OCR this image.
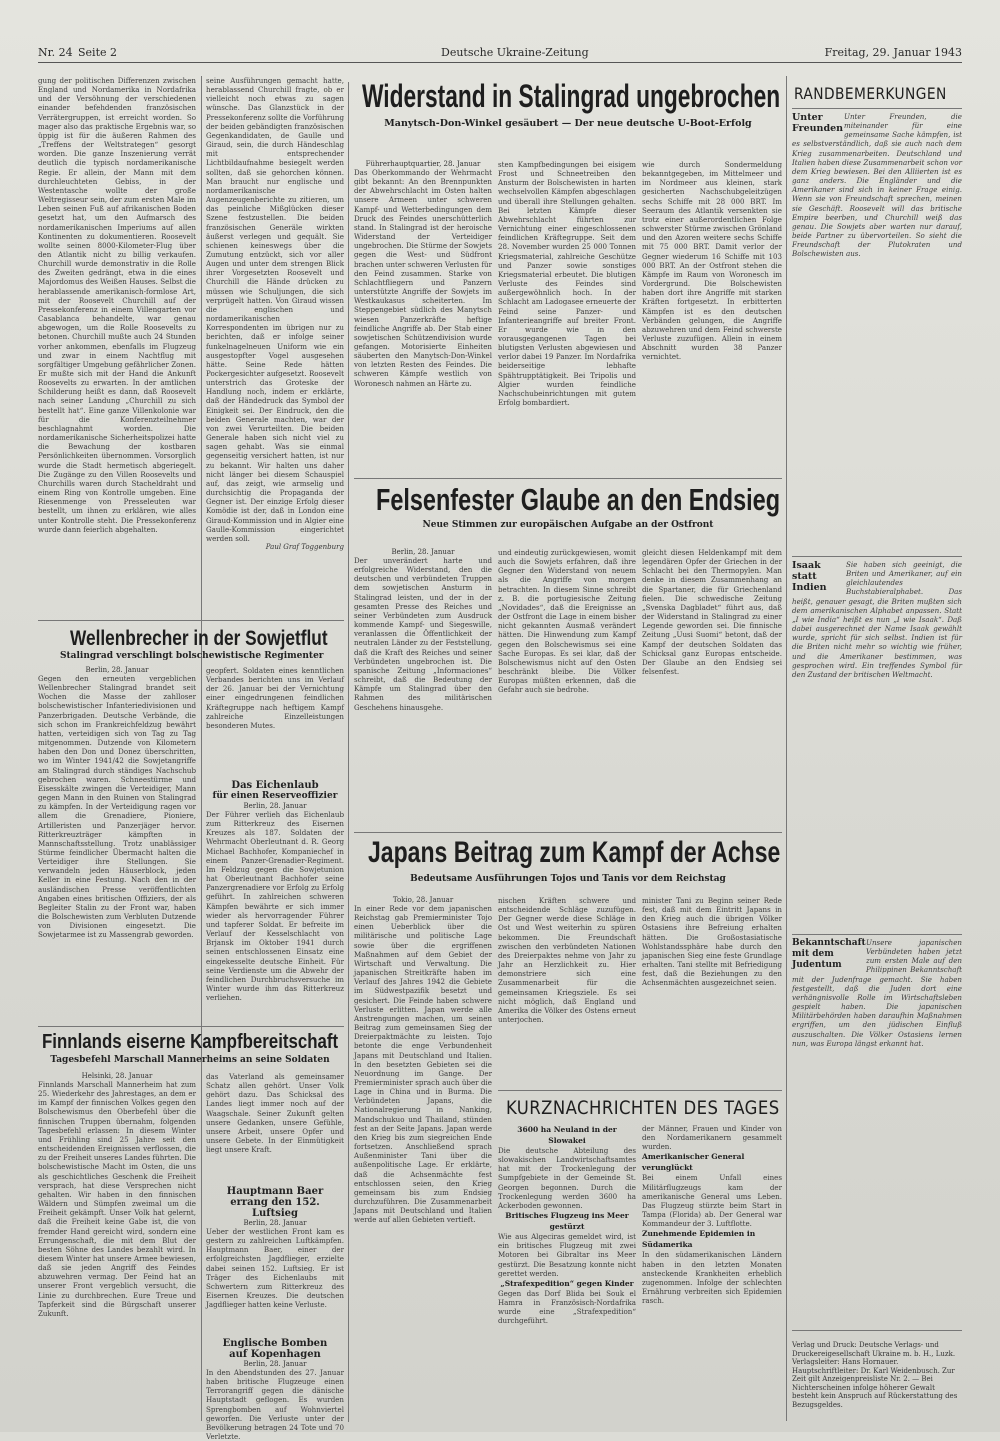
Nr. 24 Seite 2	Deutsche Ukraine-Zeitung	Freitag, 29. Januar 1943

gung der politischen Differenzen zwischen England und Nordamerika in Nordafrika und der Versöhnung der verschiedenen einander befehdenden französischen Verrätergruppen, ist erreicht worden. So mager also das praktische Ergebnis war, so üppig ist für die äußeren Rahmen des „Treffens der Weltstrategen“ gesorgt worden. Die ganze Inszenierung verrät deutlich die typisch nordamerikanische Regie. Er allein, der Mann mit dem durchleuchteten Gebiss, in der Westentasche wollte der große Weltregisseur sein, der zum ersten Male im Leben seinen Fuß auf afrikanischen Boden gesetzt hat, um den Aufmarsch des nordamerikanischen Imperiums auf allen Kontinenten zu dokumentieren. Roosevelt wollte seinen 8000-Kilometer-Flug über den Atlantik nicht zu billig verkaufen. Churchill wurde demonstrativ in die Rolle des Zweiten gedrängt, etwa in die eines Majordomus des Weißen Hauses. Selbst die herablassende amerikanisch-formlose Art, mit der Roosevelt Churchill auf der Pressekonferenz in einem Villengarten vor Casablanca behandelte, war genau abgewogen, um die Rolle Roosevelts zu betonen. Churchill mußte auch 24 Stunden vorher ankommen, ebenfalls im Flugzeug und zwar in einem Nachtflug mit sorgfältiger Umgebung gefährlicher Zonen. Er mußte sich mit der Hand die Ankunft Roosevelts zu erwarten. In der amtlichen Schilderung heißt es dann, daß Roosevelt nach seiner Landung „Churchill zu sich bestellt hat“. Eine ganze Villenkolonie war für die Konferenzteilnehmer beschlagnahmt worden. Die nordamerikanische Sicherheitspolizei hatte die Bewachung der kostbaren Persönlichkeiten übernommen. Vorsorglich wurde die Stadt hermetisch abgeriegelt. Die Zugänge zu den Villen Roosevelts und Churchills waren durch Stacheldraht und einem Ring von Kontrolle umgeben. Eine Riesenmenge von Presseleuten war bestellt, um ihnen zu erklären, wie alles unter Kontrolle steht. Die Pressekonferenz wurde dann feierlich abgehalten.

seine Ausführungen gemacht hatte, herablassend Churchill fragte, ob er vielleicht noch etwas zu sagen wünsche. Das Glanzstück in der Pressekonferenz sollte die Vorführung der beiden gebändigten französischen Gegenkandidaten, de Gaulle und Giraud, sein, die durch Händeschlag mit entsprechender Lichtbildaufnahme besiegelt werden sollten, daß sie gehorchen können. Man braucht nur englische und nordamerikanische Augenzeugenberichte zu zitieren, um das peinliche Mißglücken dieser Szene festzustellen. Die beiden französischen Generäle wirkten äußerst verlegen und gequält. Sie schienen keineswegs über die Zumutung entzückt, sich vor aller Augen und unter dem strengen Blick ihrer Vorgesetzten Roosevelt und Churchill die Hände drücken zu müssen wie Schuljungen, die sich verprügelt hatten. Von Giraud wissen die englischen und nordamerikanischen Korrespondenten im übrigen nur zu berichten, daß er infolge seiner funkelnagelneuen Uniform wie ein ausgestopfter Vogel ausgesehen hätte. Seine Rede hätten Pockergesichter aufgesetzt. Roosevelt unterstrich das Groteske der Handlung noch, indem er erklärte, daß der Händedruck das Symbol der Einigkeit sei. Der Eindruck, den die beiden Generale machten, war der von zwei Verurteilten. Die beiden Generale haben sich nicht viel zu sagen gehabt. Was sie einmal gegenseitig versichert hatten, ist nur zu bekannt. Wir halten uns daher nicht länger bei diesem Schauspiel auf, das zeigt, wie armselig und durchsichtig die Propaganda der Gegner ist. Der einzige Erfolg dieser Komödie ist der, daß in London eine Giraud-Kommission und in Algier eine Gaulle-Kommission eingerichtet werden soll.

Paul Graf Toggenburg
Wellenbrecher in der Sowjetflut
Stalingrad verschlingt bolschewistische Regimenter
Berlin, 28. Januar

Gegen den erneuten vergeblichen Wellenbrecher Stalingrad brandet seit Wochen die Masse der zahlloser bolschewistischer Infanteriedivisionen und Panzerbrigaden. Deutsche Verbände, die sich schon im Frankreichfeldzug bewährt hatten, verteidigen sich von Tag zu Tag mitgenommen. Dutzende von Kilometern haben den Don und Donez überschritten, wo im Winter 1941/42 die Sowjetangriffe am Stalingrad durch ständiges Nachschub gebrochen waren. Schneestürme und Eisesskälte zwingen die Verteidiger, Mann gegen Mann in den Ruinen von Stalingrad zu kämpfen. In der Verteidigung ragen vor allem die Grenadiere, Pioniere, Artilleristen und Panzerjäger hervor. Ritterkreuzträger kämpften in Mannschaftsstellung. Trotz unablässiger Stürme feindlicher Übermacht halten die Verteidiger ihre Stellungen. Sie verwandeln jeden Häuserblock, jeden Keller in eine Festung. Nach den in der ausländischen Presse veröffentlichten Angaben eines britischen Offiziers, der als Begleiter Stalin zu der Front war, haben die Bolschewisten zum Verbluten Dutzende von Divisionen eingesetzt. Die Sowjetarmee ist zu Massengrab geworden.

geopfert. Soldaten eines kenntlichen Verbandes berichten uns im Verlauf der 26. Januar bei der Vernichtung einer eingedrungenen feindlichen Kräftegruppe nach heftigem Kampf zahlreiche Einzelleistungen besonderen Mutes.

Das Eichenlaub
für einen Reserveoffizier
Berlin, 28. Januar

Der Führer verlieh das Eichenlaub zum Ritterkreuz des Eisernen Kreuzes als 187. Soldaten der Wehrmacht Oberleutnant d. R. Georg Michael Bachhofer, Kompaniechef in einem Panzer-Grenadier-Regiment. Im Feldzug gegen die Sowjetunion hat Oberleutnant Bachhofer seine Panzergrenadiere vor Erfolg zu Erfolg geführt. In zahlreichen schweren Kämpfen bewährte er sich immer wieder als hervorragender Führer und tapferer Soldat. Er befreite im Verlauf der Kesselschlacht von Brjansk im Oktober 1941 durch seinen entschlossenen Einsatz eine eingekesselte deutsche Einheit. Für seine Verdienste um die Abwehr der feindlichen Durchbruchsversuche im Winter wurde ihm das Ritterkreuz verliehen.

Finnlands eiserne Kampfbereitschaft
Tagesbefehl Marschall Mannerheims an seine Soldaten
Helsinki, 28. Januar

Finnlands Marschall Mannerheim hat zum 25. Wiederkehr des Jahrestages, an dem er im Kampf der finnischen Volkes gegen den Bolschewismus den Oberbefehl über die finnischen Truppen übernahm, folgenden Tagesbefehl erlassen: In diesem Winter und Frühling sind 25 Jahre seit den entscheidenden Ereignissen verflossen, die zu der Freiheit unseres Landes führten. Die bolschewistische Macht im Osten, die uns als geschichtliches Geschenk die Freiheit versprach, hat diese Versprechen nicht gehalten. Wir haben in den finnischen Wäldern und Sümpfen zweimal um die Freiheit gekämpft. Unser Volk hat gelernt, daß die Freiheit keine Gabe ist, die von fremder Hand gereicht wird, sondern eine Errungenschaft, die mit dem Blut der besten Söhne des Landes bezahlt wird. In diesem Winter hat unsere Armee bewiesen, daß sie jeden Angriff des Feindes abzuwehren vermag. Der Feind hat an unserer Front vergeblich versucht, die Linie zu durchbrechen. Eure Treue und Tapferkeit sind die Bürgschaft unserer Zukunft.

das Vaterland als gemeinsamer Schatz allen gehört. Unser Volk gehört dazu. Das Schicksal des Landes liegt immer noch auf der Waagschale. Seiner Zukunft gelten unsere Gedanken, unsere Gefühle, unsere Arbeit, unsere Opfer und unsere Gebete. In der Einmütigkeit liegt unsere Kraft.

Hauptmann Baer
errang den 152. Luftsieg
Berlin, 28. Januar

Ueber der westlichen Front kam es gestern zu zahlreichen Luftkämpfen. Hauptmann Baer, einer der erfolgreichsten Jagdflieger, erzielte dabei seinen 152. Luftsieg. Er ist Träger des Eichenlaubs mit Schwertern zum Ritterkreuz des Eisernen Kreuzes. Die deutschen Jagdflieger hatten keine Verluste.

Englische Bomben
auf Kopenhagen
Berlin, 28. Januar

In den Abendstunden des 27. Januar haben britische Flugzeuge einen Terrorangriff gegen die dänische Hauptstadt geflogen. Es wurden Sprengbomben auf Wohnviertel geworfen. Die Verluste unter der Bevölkerung betragen 24 Tote und 70 Verletzte.

Widerstand in Stalingrad ungebrochen
Manytsch-Don-Winkel gesäubert — Der neue deutsche U-Boot-Erfolg
Führerhauptquartier, 28. Januar

Das Oberkommando der Wehrmacht gibt bekannt: An den Brennpunkten der Abwehrschlacht im Osten halten unsere Armeen unter schweren Kampf- und Wetterbedingungen dem Druck des Feindes unerschütterlich stand. In Stalingrad ist der heroische Widerstand der Verteidiger ungebrochen. Die Stürme der Sowjets gegen die West- und Südfront brachen unter schweren Verlusten für den Feind zusammen. Starke von Schlachtfliegern und Panzern unterstützte Angriffe der Sowjets im Westkaukasus scheiterten. Im Steppengebiet südlich des Manytsch wiesen Panzerkräfte heftige feindliche Angriffe ab. Der Stab einer sowjetischen Schützendivision wurde gefangen. Motorisierte Einheiten säuberten den Manytsch-Don-Winkel von letzten Resten des Feindes. Die schweren Kämpfe westlich von Woronesch nahmen an Härte zu.

sten Kampfbedingungen bei eisigem Frost und Schneetreiben den Ansturm der Bolschewisten in harten wechselvollen Kämpfen abgeschlagen und überall ihre Stellungen gehalten. Bei letzten Kämpfe dieser Abwehrschlacht führten zur Vernichtung einer eingeschlossenen feindlichen Kräftegruppe. Seit dem 28. November wurden 25 000 Tonnen Kriegsmaterial, zahlreiche Geschütze und Panzer sowie sonstiges Kriegsmaterial erbeutet. Die blutigen Verluste des Feindes sind außergewöhnlich hoch. In der Schlacht am Ladogasee erneuerte der Feind seine Panzer- und Infanterieangriffe auf breiter Front. Er wurde wie in den vorausgegangenen Tagen bei blutigsten Verlusten abgewiesen und verlor dabei 19 Panzer. Im Nordafrika beiderseitige lebhafte Spähtrupptätigkeit. Bei Tripolis und Algier wurden feindliche Nachschubeinrichtungen mit gutem Erfolg bombardiert.

wie durch Sondermeldung bekanntgegeben, im Mittelmeer und im Nordmeer aus kleinen, stark gesicherten Nachschubgeleitzügen sechs Schiffe mit 28 000 BRT. Im Seeraum des Atlantik versenkten sie trotz einer außerordentlichen Folge schwerster Stürme zwischen Grönland und den Azoren weitere sechs Schiffe mit 75 000 BRT. Damit verlor der Gegner wiederum 16 Schiffe mit 103 000 BRT. An der Ostfront stehen die Kämpfe im Raum von Woronesch im Vordergrund. Die Bolschewisten haben dort ihre Angriffe mit starken Kräften fortgesetzt. In erbitterten Kämpfen ist es den deutschen Verbänden gelungen, die Angriffe abzuwehren und dem Feind schwerste Verluste zuzufügen. Allein in einem Abschnitt wurden 38 Panzer vernichtet.

Felsenfester Glaube an den Endsieg
Neue Stimmen zur europäischen Aufgabe an der Ostfront
Berlin, 28. Januar

Der unverändert harte und erfolgreiche Widerstand, den die deutschen und verbündeten Truppen dem sowjetischen Ansturm in Stalingrad leisten, und der in der gesamten Presse des Reiches und seiner Verbündeten zum Ausdruck kommende Kampf- und Siegeswille, veranlassen die Öffentlichkeit der neutralen Länder zu der Feststellung, daß die Kraft des Reiches und seiner Verbündeten ungebrochen ist. Die spanische Zeitung „Informaciones“ schreibt, daß die Bedeutung der Kämpfe um Stalingrad über den Rahmen des militärischen Geschehens hinausgehe.

und eindeutig zurückgewiesen, womit auch die Sowjets erfahren, daß ihre Gegner den Widerstand von neuem als die Angriffe von morgen betrachten. In diesem Sinne schreibt z. B. die portugiesische Zeitung „Novidades“, daß die Ereignisse an der Ostfront die Lage in einem bisher nicht gekannten Ausmaß verändert hätten. Die Hinwendung zum Kampf gegen den Bolschewismus sei eine Sache Europas. Es sei klar, daß der Bolschewismus nicht auf den Osten beschränkt bleibe. Die Völker Europas müßten erkennen, daß die Gefahr auch sie bedrohe.

gleicht diesen Heldenkampf mit dem legendären Opfer der Griechen in der Schlacht bei den Thermopylen. Man denke in diesem Zusammenhang an die Spartaner, die für Griechenland fielen. Die schwedische Zeitung „Svenska Dagbladet“ führt aus, daß der Widerstand in Stalingrad zu einer Legende geworden sei. Die finnische Zeitung „Uusi Suomi“ betont, daß der Kampf der deutschen Soldaten das Schicksal ganz Europas entscheide. Der Glaube an den Endsieg sei felsenfest.

Japans Beitrag zum Kampf der Achse
Bedeutsame Ausführungen Tojos und Tanis vor dem Reichstag
Tokio, 28. Januar

In einer Rede vor dem japanischen Reichstag gab Premierminister Tojo einen Ueberblick über die militärische und politische Lage sowie über die ergriffenen Maßnahmen auf dem Gebiet der Wirtschaft und Verwaltung. Die japanischen Streitkräfte haben im Verlauf des Jahres 1942 die Gebiete im Südwestpazifik besetzt und gesichert. Die Feinde haben schwere Verluste erlitten. Japan werde alle Anstrengungen machen, um seinen Beitrag zum gemeinsamen Sieg der Dreierpaktmächte zu leisten. Tojo betonte die enge Verbundenheit Japans mit Deutschland und Italien. In den besetzten Gebieten sei die Neuordnung im Gange. Der Premierminister sprach auch über die Lage in China und in Burma. Die Verbündeten Japans, die Nationalregierung in Nanking, Mandschukuo und Thailand, stünden fest an der Seite Japans. Japan werde den Krieg bis zum siegreichen Ende fortsetzen. Anschließend sprach Außenminister Tani über die außenpolitische Lage. Er erklärte, daß die Achsenmächte fest entschlossen seien, den Krieg gemeinsam bis zum Endsieg durchzuführen. Die Zusammenarbeit Japans mit Deutschland und Italien werde auf allen Gebieten vertieft.

nischen Kräften schwere und entscheidende Schläge zuzufügen. Der Gegner werde diese Schläge in Ost und West weiterhin zu spüren bekommen. Die Freundschaft zwischen den verbündeten Nationen des Dreierpaktes nehme von Jahr zu Jahr an Herzlichkeit zu. Hier demonstriere sich eine Zusammenarbeit für die gemeinsamen Kriegsziele. Es sei nicht möglich, daß England und Amerika die Völker des Ostens erneut unterjochen.

minister Tani zu Beginn seiner Rede fest, daß mit dem Eintritt Japans in den Krieg auch die übrigen Völker Ostasiens ihre Befreiung erhalten hätten. Die Großostasiatische Wohlstandssphäre habe durch den japanischen Sieg eine feste Grundlage erhalten. Tani stellte mit Befriedigung fest, daß die Beziehungen zu den Achsenmächten ausgezeichnet seien.

KURZNACHRICHTEN DES TAGES
3600 ha Neuland in der Slowakei

Die deutsche Abteilung des slowakischen Landwirtschaftsamtes hat mit der Trockenlegung der Sumpfgebiete in der Gemeinde St. Georgen begonnen. Durch die Trockenlegung werden 3600 ha Ackerboden gewonnen.

Britisches Flugzeug ins Meer gestürzt

Wie aus Algeciras gemeldet wird, ist ein britisches Flugzeug mit zwei Motoren bei Gibraltar ins Meer gestürzt. Die Besatzung konnte nicht gerettet werden.

„Strafexpedition“ gegen Kinder

Gegen das Dorf Blida bei Souk el Hamra in Französisch-Nordafrika wurde eine „Strafexpedition“ durchgeführt.

der Männer, Frauen und Kinder von den Nordamerikanern gesammelt wurden.

Amerikanischer General verunglückt

Bei einem Unfall eines Militärflugzeugs kam der amerikanische General ums Leben. Das Flugzeug stürzte beim Start in Tampa (Florida) ab. Der General war Kommandeur der 3. Luftflotte.

Zunehmende Epidemien in Südamerika

In den südamerikanischen Ländern haben in den letzten Monaten ansteckende Krankheiten erheblich zugenommen. Infolge der schlechten Ernährung verbreiten sich Epidemien rasch.

RANDBEMERKUNGEN
Unter Freunden

Unter Freunden, die miteinander für eine gemeinsame Sache kämpfen, ist es selbstverständlich, daß sie auch nach dem Krieg zusammenarbeiten. Deutschland und Italien haben diese Zusammenarbeit schon vor dem Krieg bewiesen. Bei den Alliierten ist es ganz anders. Die Engländer und die Amerikaner sind sich in keiner Frage einig. Wenn sie von Freundschaft sprechen, meinen sie Geschäft. Roosevelt will das britische Empire beerben, und Churchill weiß das genau. Die Sowjets aber warten nur darauf, beide Partner zu übervorteilen. So sieht die Freundschaft der Plutokraten und Bolschewisten aus.

Isaak statt Indien

Sie haben sich geeinigt, die Briten und Amerikaner, auf ein gleichlautendes Buchstabieralphabet. Das heißt, genauer gesagt, die Briten mußten sich dem amerikanischen Alphabet anpassen. Statt „I wie India“ heißt es nun „I wie Isaak“. Daß dabei ausgerechnet der Name Isaak gewählt wurde, spricht für sich selbst. Indien ist für die Briten nicht mehr so wichtig wie früher, und die Amerikaner bestimmen, was gesprochen wird. Ein treffendes Symbol für den Zustand der britischen Weltmacht.

Bekanntschaft mit dem Judentum

Unsere japanischen Verbündeten haben jetzt zum ersten Male auf den Philippinen Bekanntschaft mit der Judenfrage gemacht. Sie haben festgestellt, daß die Juden dort eine verhängnisvolle Rolle im Wirtschaftsleben gespielt haben. Die japanischen Militärbehörden haben daraufhin Maßnahmen ergriffen, um den jüdischen Einfluß auszuschalten. Die Völker Ostasiens lernen nun, was Europa längst erkannt hat.

Verlag und Druck: Deutsche Verlags- und Druckereigesellschaft Ukraine m. b. H., Luzk. Verlagsleiter: Hans Hornauer. Hauptschriftleiter: Dr. Karl Weidenbusch. Zur Zeit gilt Anzeigenpreisliste Nr. 2. — Bei Nichterscheinen infolge höherer Gewalt besteht kein Anspruch auf Rückerstattung des Bezugsgeldes.
